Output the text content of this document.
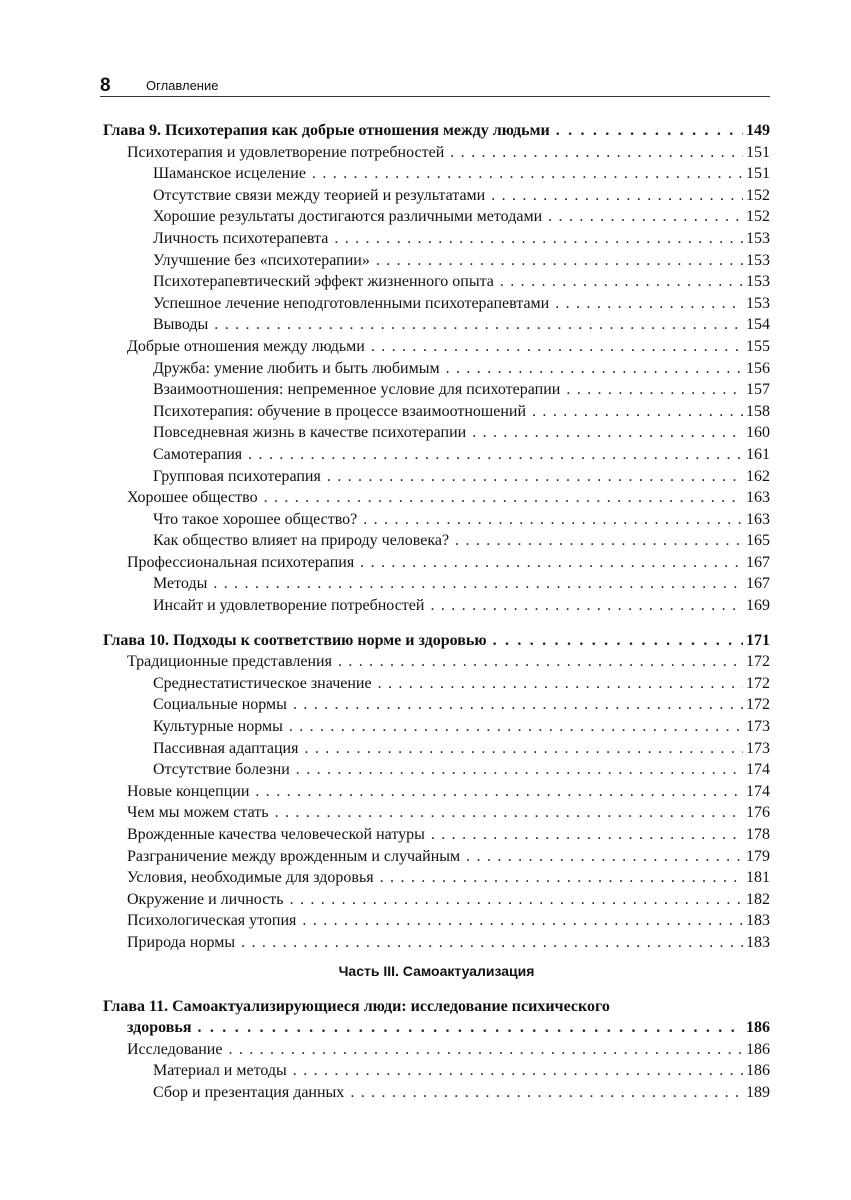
8	Оглавление
Глава 9. Психотерапия как добрые отношения между людьми . . .	149
Психотерапия и удовлетворение потребностей . . .	151
Шаманское исцеление . . .	151
Отсутствие связи между теорией и результатами . . .	152
Хорошие результаты достигаются различными методами . . .	152
Личность психотерапевта . . .	153
Улучшение без «психотерапии» . . .	153
Психотерапевтический эффект жизненного опыта . . .	153
Успешное лечение неподготовленными психотерапевтами . . .	153
Выводы . . .	154
Добрые отношения между людьми . . .	155
Дружба: умение любить и быть любимым . . .	156
Взаимоотношения: непременное условие для психотерапии . . .	157
Психотерапия: обучение в процессе взаимоотношений . . .	158
Повседневная жизнь в качестве психотерапии . . .	160
Самотерапия . . .	161
Групповая психотерапия . . .	162
Хорошее общество . . .	163
Что такое хорошее общество? . . .	163
Как общество влияет на природу человека? . . .	165
Профессиональная психотерапия . . .	167
Методы . . .	167
Инсайт и удовлетворение потребностей . . .	169
Глава 10. Подходы к соответствию норме и здоровью . . .	171
Традиционные представления . . .	172
Среднестатистическое значение . . .	172
Социальные нормы . . .	172
Культурные нормы . . .	173
Пассивная адаптация . . .	173
Отсутствие болезни . . .	174
Новые концепции . . .	174
Чем мы можем стать . . .	176
Врожденные качества человеческой натуры . . .	178
Разграничение между врожденным и случайным . . .	179
Условия, необходимые для здоровья . . .	181
Окружение и личность . . .	182
Психологическая утопия . . .	183
Природа нормы . . .	183
Часть III. Самоактуализация
Глава 11. Самоактуализирующиеся люди: исследование психического
здоровья . . .	186
Исследование . . .	186
Материал и методы . . .	186
Сбор и презентация данных . . .	189
